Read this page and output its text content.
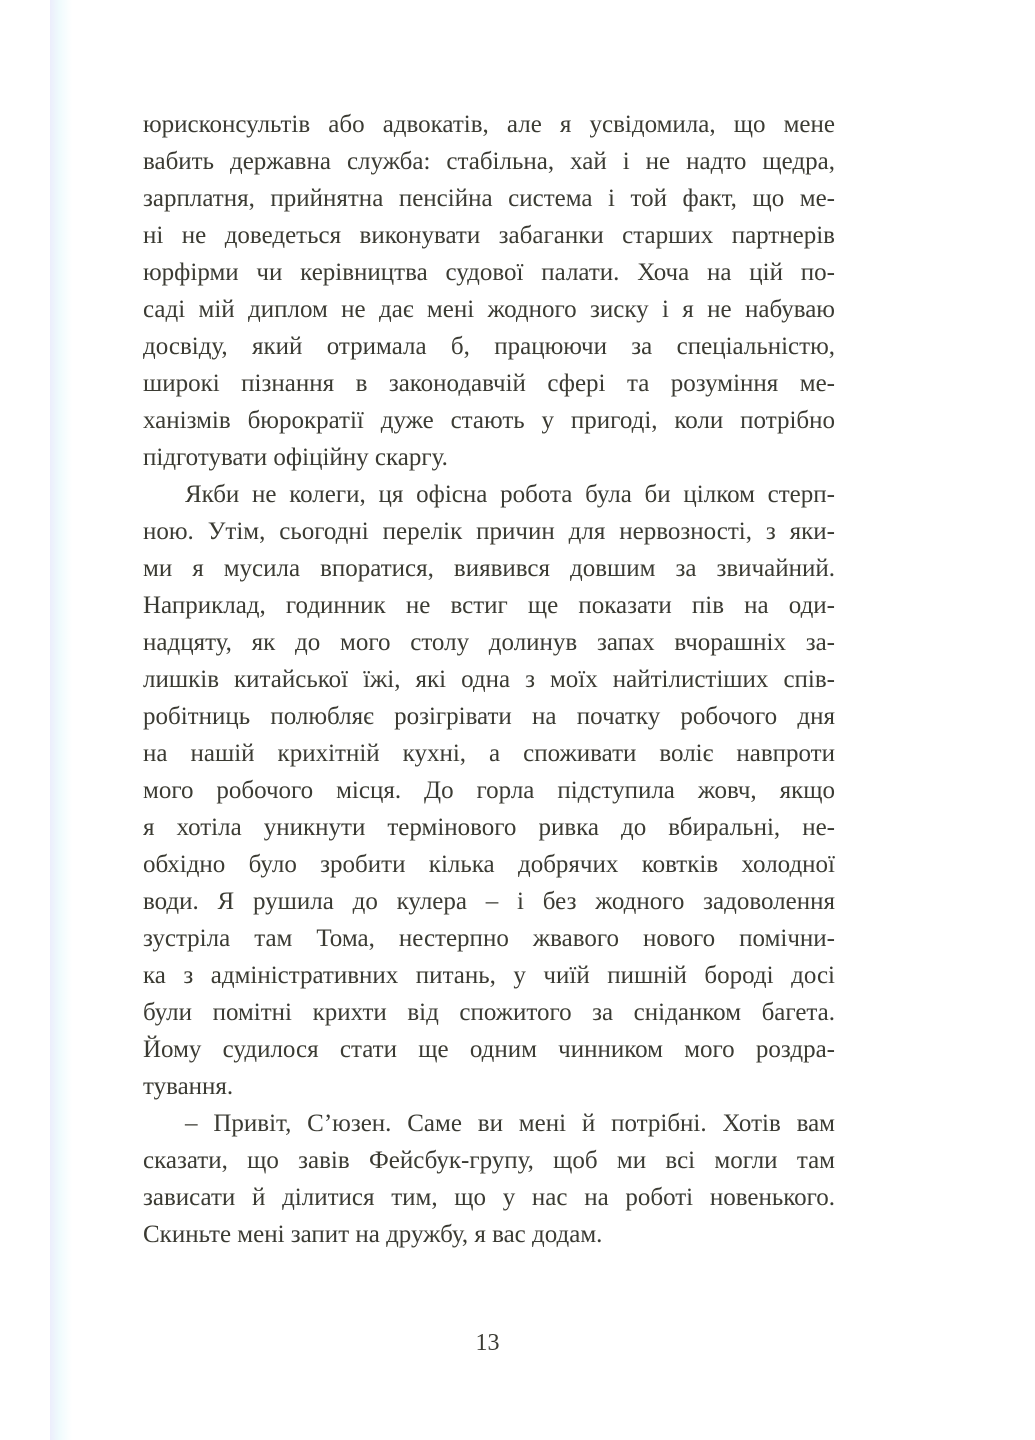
юрисконсультів або адвокатів, але я усвідомила, що мене
вабить державна служба: стабільна, хай і не надто щедра,
зарплатня, прийнятна пенсійна система і той факт, що ме-
ні не доведеться виконувати забаганки старших партнерів
юрфірми чи керівництва судової палати. Хоча на цій по-
саді мій диплом не дає мені жодного зиску і я не набуваю
досвіду, який отримала б, працюючи за спеціальністю,
широкі пізнання в законодавчій сфері та розуміння ме-
ханізмів бюрократії дуже стають у пригоді, коли потрібно
підготувати офіційну скаргу.
Якби не колеги, ця офісна робота була би цілком стерп-
ною. Утім, сьогодні перелік причин для нервозності, з яки-
ми я мусила впоратися, виявився довшим за звичайний.
Наприклад, годинник не встиг ще показати пів на оди-
надцяту, як до мого столу долинув запах вчорашніх за-
лишків китайської їжі, які одна з моїх найтілистіших спів-
робітниць полюбляє розігрівати на початку робочого дня
на нашій крихітній кухні, а споживати воліє навпроти
мого робочого місця. До горла підступила жовч, якщо
я хотіла уникнути термінового ривка до вбиральні, не-
обхідно було зробити кілька добрячих ковтків холодної
води. Я рушила до кулера – і без жодного задоволення
зустріла там Тома, нестерпно жвавого нового помічни-
ка з адміністративних питань, у чиїй пишній бороді досі
були помітні крихти від спожитого за сніданком багета.
Йому судилося стати ще одним чинником мого роздра-
тування.
– Привіт, С’юзен. Саме ви мені й потрібні. Хотів вам
сказати, що завів Фейсбук-групу, щоб ми всі могли там
зависати й ділитися тим, що у нас на роботі новенького.
Скиньте мені запит на дружбу, я вас додам.
13
